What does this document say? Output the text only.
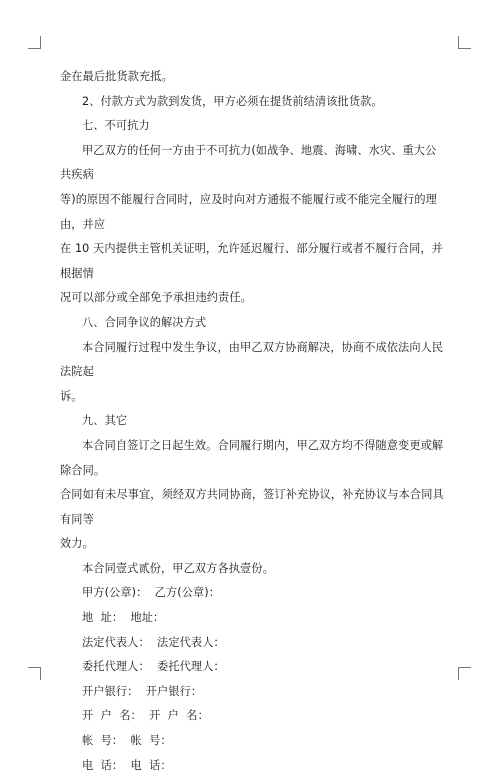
金在最后批货款充抵。

2、付款方式为款到发货，甲方必须在提货前结清该批货款。

七、不可抗力

甲乙双方的任何一方由于不可抗力(如战争、地震、海啸、水灾、重大公共疾病

等)的原因不能履行合同时，应及时向对方通报不能履行或不能完全履行的理由，并应

在 10 天内提供主管机关证明，允许延迟履行、部分履行或者不履行合同，并根据情

况可以部分或全部免予承担违约责任。

八、合同争议的解决方式

本合同履行过程中发生争议，由甲乙双方协商解决，协商不成依法向人民法院起

诉。

九、其它

本合同自签订之日起生效。合同履行期内，甲乙双方均不得随意变更或解除合同。

合同如有未尽事宜，须经双方共同协商，签订补充协议，补充协议与本合同具有同等

效力。

本合同壹式贰份，甲乙双方各执壹份。

甲方(公章)：  乙方(公章)：

地  址：  地址：

法定代表人：  法定代表人：

委托代理人：  委托代理人：

开户银行：  开户银行：

开  户  名：  开  户  名：

帐  号：  帐  号：

电  话：  电  话：
